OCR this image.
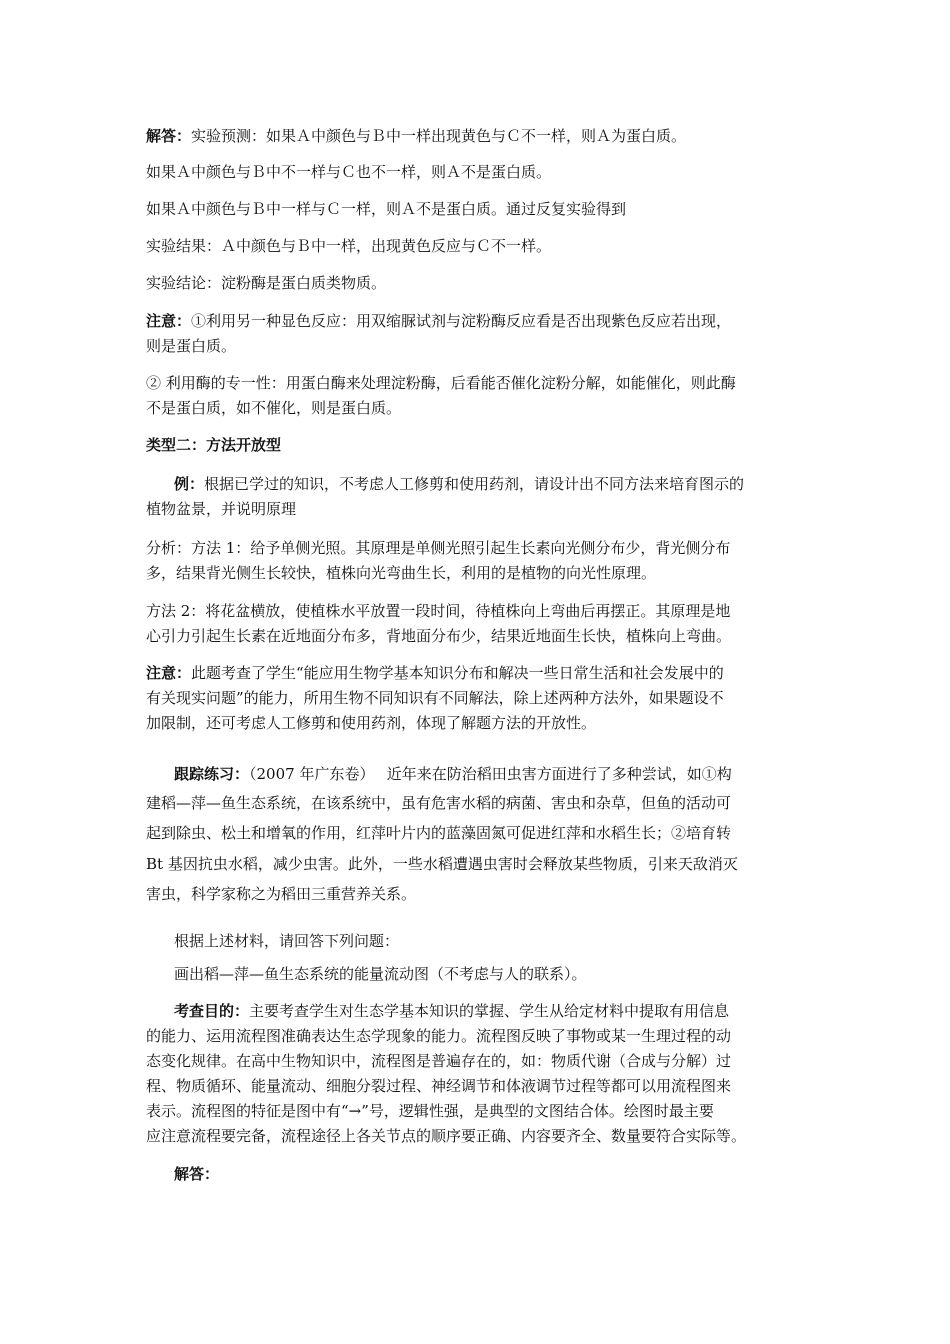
解答：实验预测：如果Ａ中颜色与Ｂ中一样出现黄色与Ｃ不一样，则Ａ为蛋白质。

如果Ａ中颜色与Ｂ中不一样与Ｃ也不一样，则Ａ不是蛋白质。

如果Ａ中颜色与Ｂ中一样与Ｃ一样，则Ａ不是蛋白质。通过反复实验得到

实验结果：Ａ中颜色与Ｂ中一样，出现黄色反应与Ｃ不一样。

实验结论：淀粉酶是蛋白质类物质。

注意：①利用另一种显色反应：用双缩脲试剂与淀粉酶反应看是否出现紫色反应若出现，

则是蛋白质。

② 利用酶的专一性：用蛋白酶来处理淀粉酶，后看能否催化淀粉分解，如能催化，则此酶

不是蛋白质，如不催化，则是蛋白质。

类型二：方法开放型

例：根据已学过的知识，不考虑人工修剪和使用药剂，请设计出不同方法来培育图示的

植物盆景，并说明原理

分析：方法 1：给予单侧光照。其原理是单侧光照引起生长素向光侧分布少，背光侧分布

多，结果背光侧生长较快，植株向光弯曲生长，利用的是植物的向光性原理。

方法 2：将花盆横放，使植株水平放置一段时间，待植株向上弯曲后再摆正。其原理是地

心引力引起生长素在近地面分布多，背地面分布少，结果近地面生长快，植株向上弯曲。

注意：此题考查了学生“能应用生物学基本知识分布和解决一些日常生活和社会发展中的

有关现实问题”的能力，所用生物不同知识有不同解法，除上述两种方法外，如果题设不

加限制，还可考虑人工修剪和使用药剂，体现了解题方法的开放性。

跟踪练习：（2007 年广东卷）　 近年来在防治稻田虫害方面进行了多种尝试，如①构

建稻—萍—鱼生态系统，在该系统中，虽有危害水稻的病菌、害虫和杂草，但鱼的活动可

起到除虫、松土和增氧的作用，红萍叶片内的蓝藻固氮可促进红萍和水稻生长；②培育转

Bt 基因抗虫水稻，减少虫害。此外，一些水稻遭遇虫害时会释放某些物质，引来天敌消灭

害虫，科学家称之为稻田三重营养关系。

根据上述材料，请回答下列问题：

画出稻—萍—鱼生态系统的能量流动图（不考虑与人的联系）。

考查目的：主要考查学生对生态学基本知识的掌握、学生从给定材料中提取有用信息

的能力、运用流程图准确表达生态学现象的能力。流程图反映了事物或某一生理过程的动

态变化规律。在高中生物知识中，流程图是普遍存在的，如：物质代谢（合成与分解）过

程、物质循环、能量流动、细胞分裂过程、神经调节和体液调节过程等都可以用流程图来

表示。流程图的特征是图中有“→”号，逻辑性强，是典型的文图结合体。绘图时最主要

应注意流程要完备，流程途径上各关节点的顺序要正确、内容要齐全、数量要符合实际等。

解答：
